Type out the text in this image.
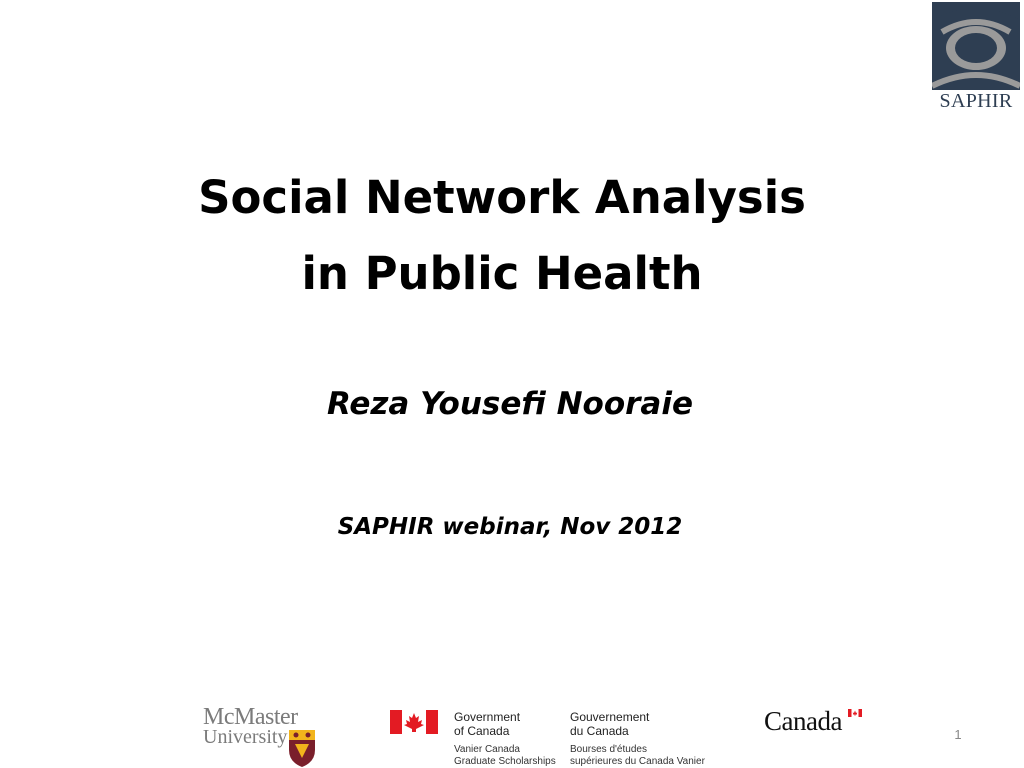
SAPHIR
Social Network Analysis
in Public Health
Reza Yousefi Nooraie
SAPHIR webinar, Nov 2012
McMaster
University
Government
of Canada
Gouvernement
du Canada
Vanier Canada
Graduate Scholarships
Bourses d'études
supérieures du Canada Vanier
Canada	1
